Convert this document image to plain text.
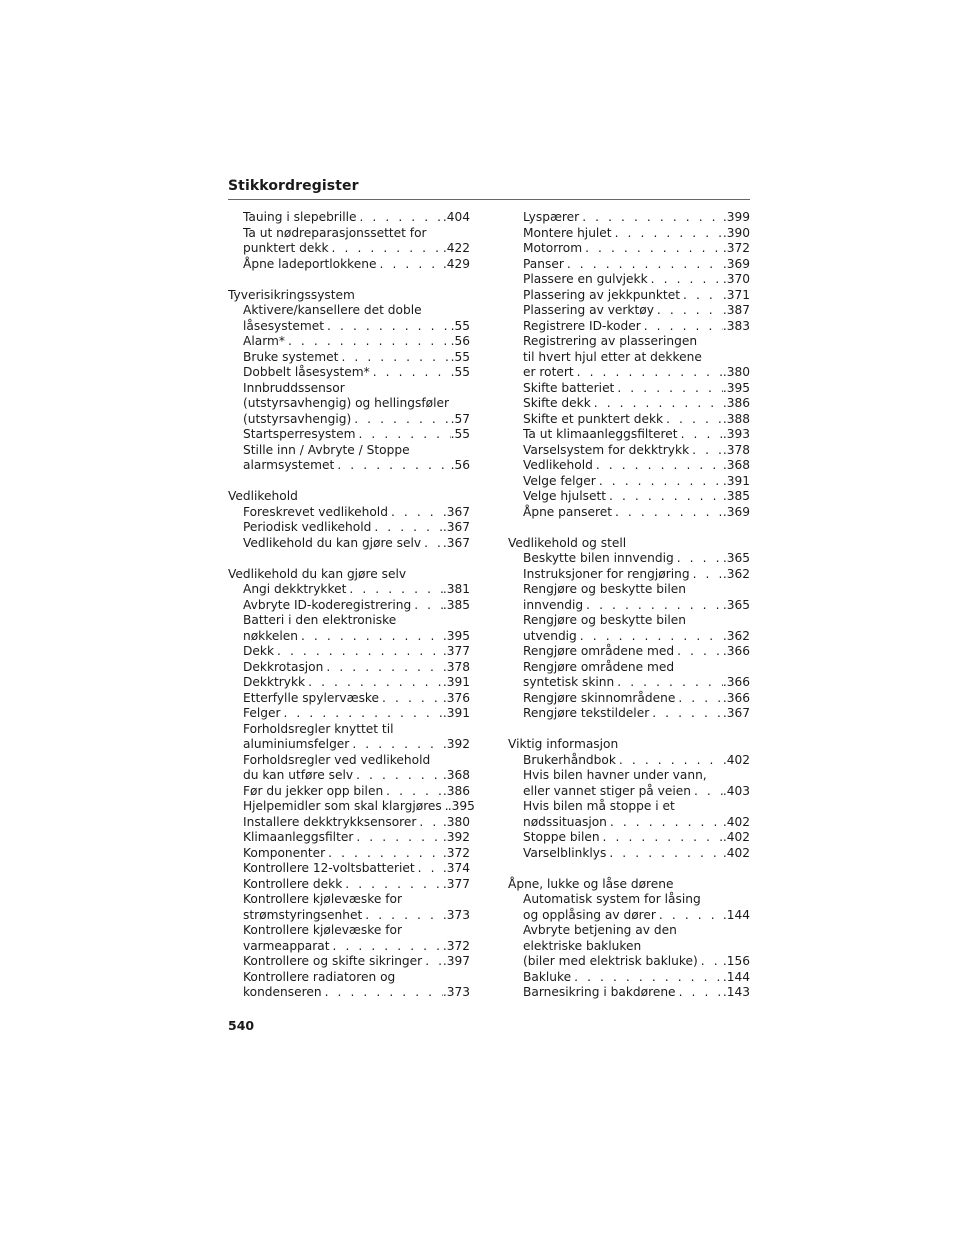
Stikkordregister
Tauing i slepebrille . . .	.404
Ta ut nødreparasjonssettet for
punktert dekk . . .	.422
Åpne ladeportlokkene . . .	.429
Tyverisikringssystem
Aktivere/kansellere det doble
låsesystemet . . .	.55
Alarm* . . .	.56
Bruke systemet . . .	.55
Dobbelt låsesystem* . . .	.55
Innbruddssensor
(utstyrsavhengig) og hellingsføler
(utstyrsavhengig) . . .	.57
Startsperresystem . . .	.55
Stille inn / Avbryte / Stoppe
alarmsystemet . . .	.56
Vedlikehold
Foreskrevet vedlikehold . . .	.367
Periodisk vedlikehold . . .	.367
Vedlikehold du kan gjøre selv . . . .367
Vedlikehold du kan gjøre selv
Angi dekktrykket . . .	.381
Avbryte ID-koderegistrering . . .	.385
Batteri i den elektroniske
nøkkelen . . .	.395
Dekk . . .	.377
Dekkrotasjon . . .	.378
Dekktrykk . . .	.391
Etterfylle spylervæske . . .	.376
Felger . . .	.391
Forholdsregler knyttet til
aluminiumsfelger . . .	.392
Forholdsregler ved vedlikehold
du kan utføre selv . . .	.368
Før du jekker opp bilen . . .	.386
Hjelpemidler som skal klargjøres . . . .395
Installere dekktrykksensorer . . . .380
Klimaanleggsfilter . . .	.392
Komponenter . . .	.372
Kontrollere 12-voltsbatteriet . . . .374
Kontrollere dekk . . .	.377
Kontrollere kjølevæske for
strømstyringsenhet . . .	.373
Kontrollere kjølevæske for
varmeapparat . . .	.372
Kontrollere og skifte sikringer . . . .397
Kontrollere radiatoren og
kondenseren . . .	.373
Lyspærer . . .	.399
Montere hjulet . . .	.390
Motorrom . . .	.372
Panser . . .	.369
Plassere en gulvjekk . . .	.370
Plassering av jekkpunktet . . .	.371
Plassering av verktøy . . .	.387
Registrere ID-koder . . .	.383
Registrering av plasseringen
til hvert hjul etter at dekkene
er rotert . . .	.380
Skifte batteriet . . .	.395
Skifte dekk . . .	.386
Skifte et punktert dekk . . .	.388
Ta ut klimaanleggsfilteret . . .	.393
Varselsystem for dekktrykk . . .	.378
Vedlikehold . . .	.368
Velge felger . . .	.391
Velge hjulsett . . .	.385
Åpne panseret . . .	.369
Vedlikehold og stell
Beskytte bilen innvendig . . .	.365
Instruksjoner for rengjøring . . .	.362
Rengjøre og beskytte bilen
innvendig . . .	.365
Rengjøre og beskytte bilen
utvendig . . .	.362
Rengjøre områdene med . . .	.366
Rengjøre områdene med
syntetisk skinn . . .	.366
Rengjøre skinnområdene . . .	.366
Rengjøre tekstildeler . . .	.367
Viktig informasjon
Brukerhåndbok . . .	.402
Hvis bilen havner under vann,
eller vannet stiger på veien . . .	.403
Hvis bilen må stoppe i et
nødssituasjon . . .	.402
Stoppe bilen . . .	.402
Varselblinklys . . .	.402
Åpne, lukke og låse dørene
Automatisk system for låsing
og opplåsing av dører . . .	.144
Avbryte betjening av den
elektriske bakluken
(biler med elektrisk bakluke) . . . .156
Bakluke . . .	.144
Barnesikring i bakdørene . . .	.143
540
